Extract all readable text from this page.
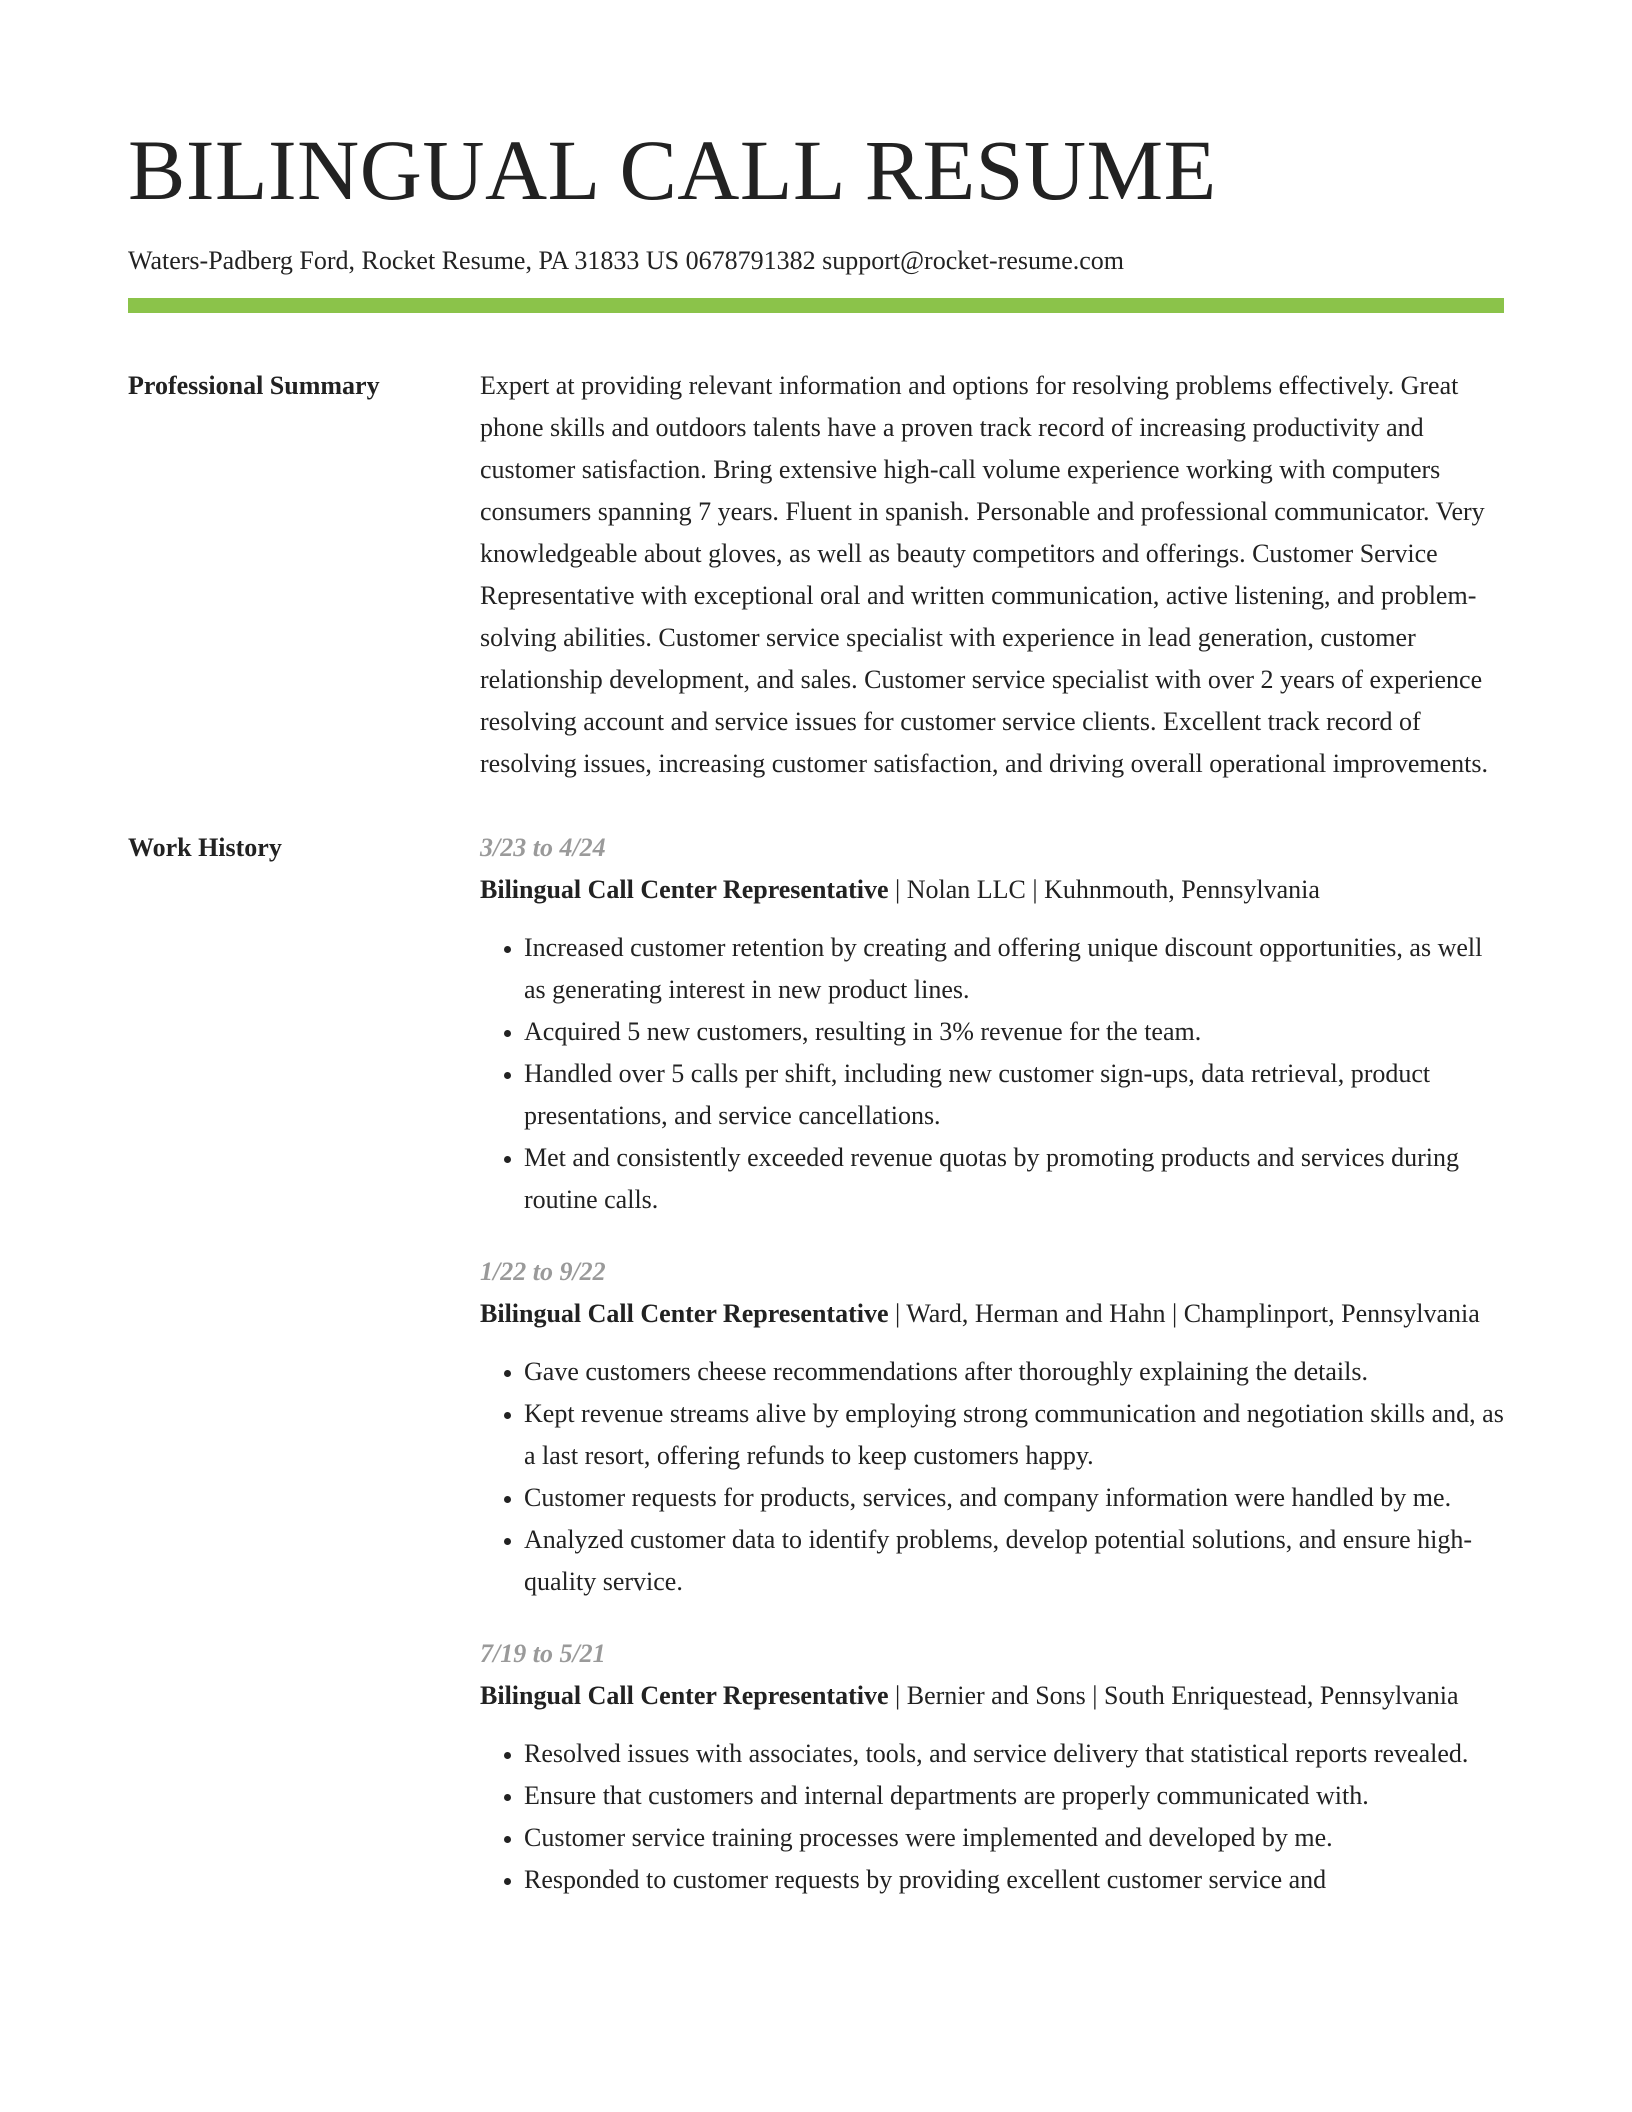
BILINGUAL CALL RESUME
Waters-Padberg Ford, Rocket Resume, PA 31833 US 0678791382 support@rocket-resume.com
Professional Summary	Expert at providing relevant information and options for resolving problems effectively. Great phone skills and outdoors talents have a proven track record of increasing productivity and customer satisfaction. Bring extensive high-call volume experience working with computers consumers spanning 7 years. Fluent in spanish. Personable and professional communicator. Very knowledgeable about gloves, as well as beauty competitors and offerings. Customer Service Representative with exceptional oral and written communication, active listening, and problem-solving abilities. Customer service specialist with experience in lead generation, customer relationship development, and sales. Customer service specialist with over 2 years of experience resolving account and service issues for customer service clients. Excellent track record of resolving issues, increasing customer satisfaction, and driving overall operational improvements.

Work History	3/23 to 4/24
Bilingual Call Center Representative | Nolan LLC | Kuhnmouth, Pennsylvania
• Increased customer retention by creating and offering unique discount opportunities, as well as generating interest in new product lines.
• Acquired 5 new customers, resulting in 3% revenue for the team.
• Handled over 5 calls per shift, including new customer sign-ups, data retrieval, product presentations, and service cancellations.
• Met and consistently exceeded revenue quotas by promoting products and services during routine calls.
1/22 to 9/22
Bilingual Call Center Representative | Ward, Herman and Hahn | Champlinport, Pennsylvania
• Gave customers cheese recommendations after thoroughly explaining the details.
• Kept revenue streams alive by employing strong communication and negotiation skills and, as a last resort, offering refunds to keep customers happy.
• Customer requests for products, services, and company information were handled by me.
• Analyzed customer data to identify problems, develop potential solutions, and ensure high-quality service.
7/19 to 5/21
Bilingual Call Center Representative | Bernier and Sons | South Enriquestead, Pennsylvania
• Resolved issues with associates, tools, and service delivery that statistical reports revealed.
• Ensure that customers and internal departments are properly communicated with.
• Customer service training processes were implemented and developed by me.
• Responded to customer requests by providing excellent customer service and
